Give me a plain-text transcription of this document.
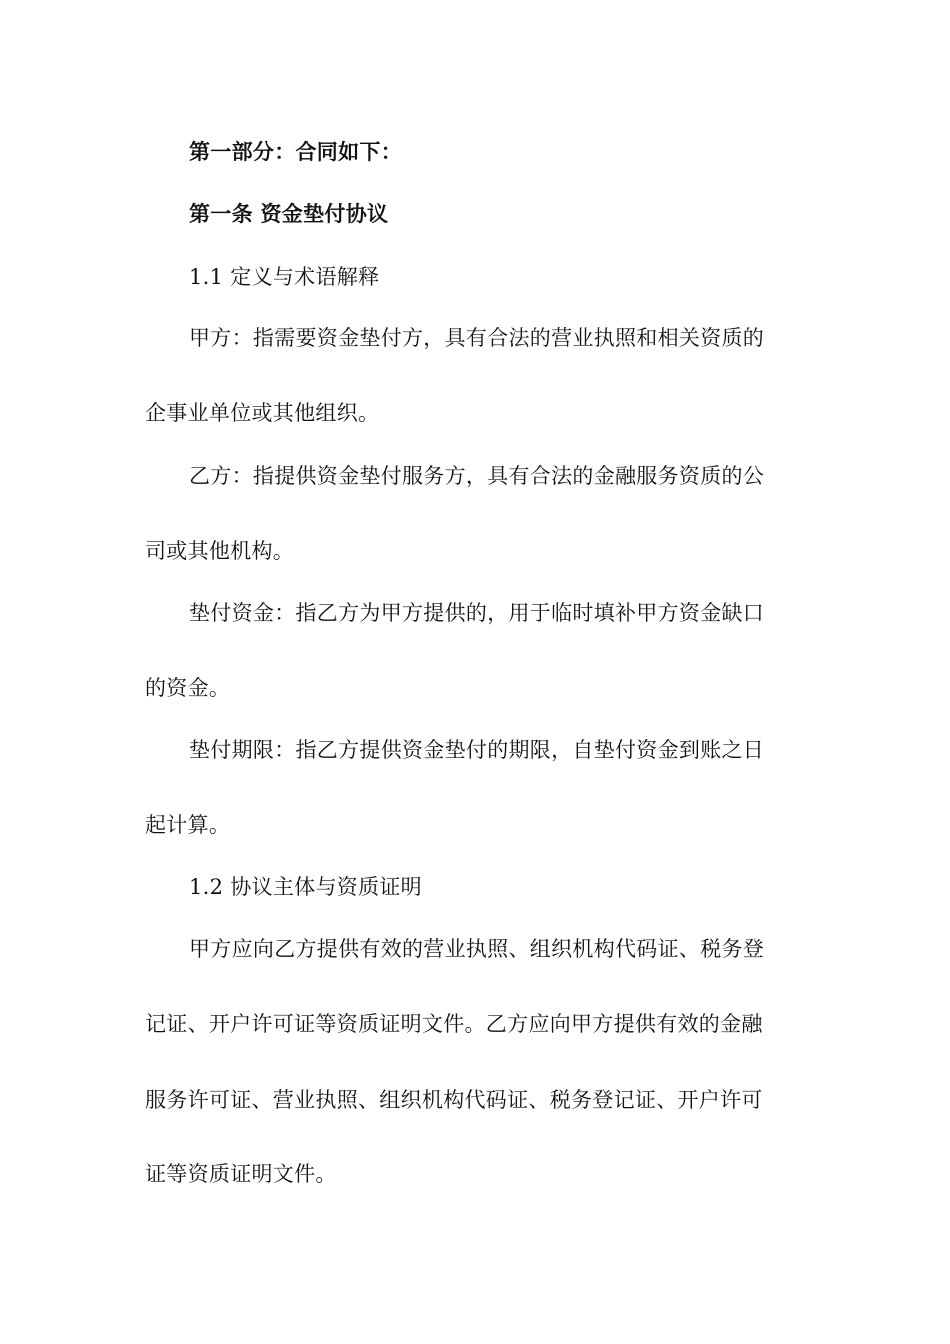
第一部分：合同如下：
第一条 资金垫付协议
1.1 定义与术语解释
甲方：指需要资金垫付方，具有合法的营业执照和相关资质的
企事业单位或其他组织。
乙方：指提供资金垫付服务方，具有合法的金融服务资质的公
司或其他机构。
垫付资金：指乙方为甲方提供的，用于临时填补甲方资金缺口
的资金。
垫付期限：指乙方提供资金垫付的期限，自垫付资金到账之日
起计算。
1.2 协议主体与资质证明
甲方应向乙方提供有效的营业执照、组织机构代码证、税务登
记证、开户许可证等资质证明文件。乙方应向甲方提供有效的金融
服务许可证、营业执照、组织机构代码证、税务登记证、开户许可
证等资质证明文件。
